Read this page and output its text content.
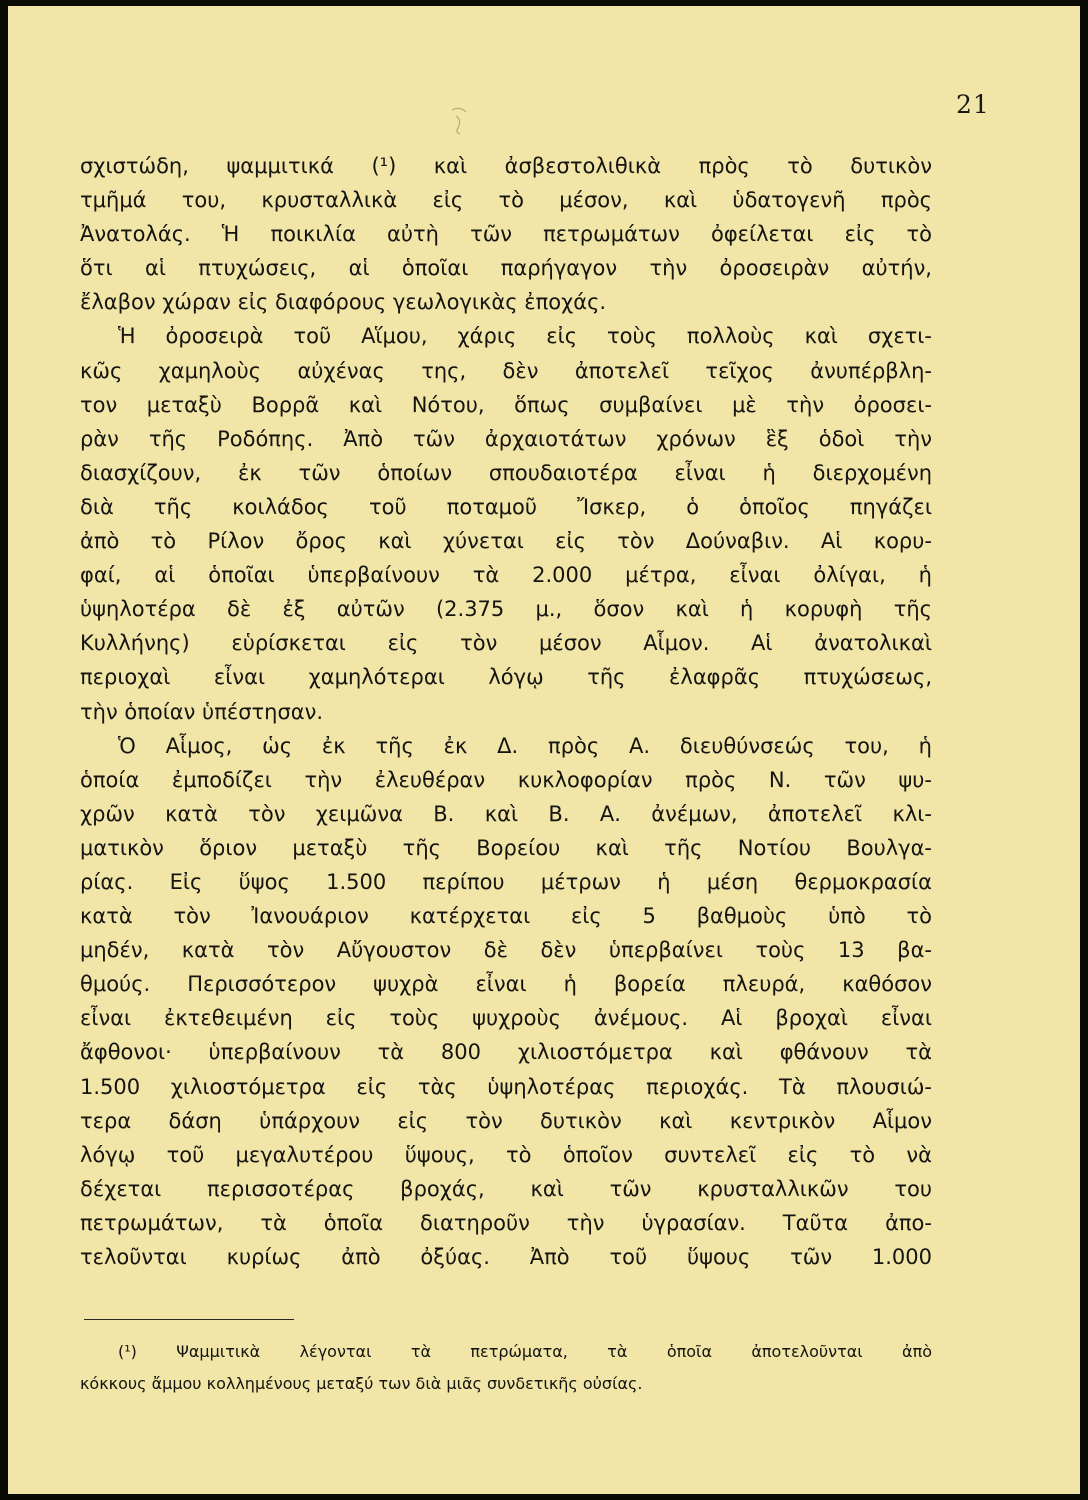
21
σχιστώδη, ψαμμιτικά (¹) καὶ ἀσβεστολιθικὰ πρὸς τὸ δυτικὸν
τμῆμά του, κρυσταλλικὰ εἰς τὸ μέσον, καὶ ὑδατογενῆ πρὸς
Ἀνατολάς. Ἡ ποικιλία αὐτὴ τῶν πετρωμάτων ὀφείλεται εἰς τὸ
ὅτι αἱ πτυχώσεις, αἱ ὁποῖαι παρήγαγον τὴν ὀροσειρὰν αὐτήν,
ἔλαβον χώραν εἰς διαφόρους γεωλογικὰς ἐποχάς.
Ἡ ὀροσειρὰ τοῦ Αἵμου, χάρις εἰς τοὺς πολλοὺς καὶ σχετι-
κῶς χαμηλοὺς αὐχένας της, δὲν ἀποτελεῖ τεῖχος ἀνυπέρβλη-
τον μεταξὺ Βορρᾶ καὶ Νότου, ὅπως συμβαίνει μὲ τὴν ὀροσει-
ρὰν τῆς Ροδόπης. Ἀπὸ τῶν ἀρχαιοτάτων χρόνων ἓξ ὁδοὶ τὴν
διασχίζουν, ἐκ τῶν ὁποίων σπουδαιοτέρα εἶναι ἡ διερχομένη
διὰ τῆς κοιλάδος τοῦ ποταμοῦ Ἴσκερ, ὁ ὁποῖος πηγάζει
ἀπὸ τὸ Ρίλον ὄρος καὶ χύνεται εἰς τὸν Δούναβιν. Αἱ κορυ-
φαί, αἱ ὁποῖαι ὑπερβαίνουν τὰ 2.000 μέτρα, εἶναι ὀλίγαι, ἡ
ὑψηλοτέρα δὲ ἐξ αὐτῶν (2.375 μ., ὅσον καὶ ἡ κορυφὴ τῆς
Κυλλήνης) εὑρίσκεται εἰς τὸν μέσον Αἷμον. Αἱ ἀνατολικαὶ
περιοχαὶ εἶναι χαμηλότεραι λόγῳ τῆς ἐλαφρᾶς πτυχώσεως,
τὴν ὁποίαν ὑπέστησαν.
Ὁ Αἷμος, ὡς ἐκ τῆς ἐκ Δ. πρὸς Α. διευθύνσεώς του, ἡ
ὁποία ἐμποδίζει τὴν ἐλευθέραν κυκλοφορίαν πρὸς Ν. τῶν ψυ-
χρῶν κατὰ τὸν χειμῶνα Β. καὶ Β. Α. ἀνέμων, ἀποτελεῖ κλι-
ματικὸν ὅριον μεταξὺ τῆς Βορείου καὶ τῆς Νοτίου Βουλγα-
ρίας. Εἰς ὕψος 1.500 περίπου μέτρων ἡ μέση θερμοκρασία
κατὰ τὸν Ἰανουάριον κατέρχεται εἰς 5 βαθμοὺς ὑπὸ τὸ
μηδέν, κατὰ τὸν Αὔγουστον δὲ δὲν ὑπερβαίνει τοὺς 13 βα-
θμούς. Περισσότερον ψυχρὰ εἶναι ἡ βορεία πλευρά, καθόσον
εἶναι ἐκτεθειμένη εἰς τοὺς ψυχροὺς ἀνέμους. Αἱ βροχαὶ εἶναι
ἄφθονοι· ὑπερβαίνουν τὰ 800 χιλιοστόμετρα καὶ φθάνουν τὰ
1.500 χιλιοστόμετρα εἰς τὰς ὑψηλοτέρας περιοχάς. Τὰ πλουσιώ-
τερα δάση ὑπάρχουν εἰς τὸν δυτικὸν καὶ κεντρικὸν Αἷμον
λόγῳ τοῦ μεγαλυτέρου ὕψους, τὸ ὁποῖον συντελεῖ εἰς τὸ νὰ
δέχεται περισσοτέρας βροχάς, καὶ τῶν κρυσταλλικῶν του
πετρωμάτων, τὰ ὁποῖα διατηροῦν τὴν ὑγρασίαν. Ταῦτα ἀπο-
τελοῦνται κυρίως ἀπὸ ὀξύας. Ἀπὸ τοῦ ὕψους τῶν 1.000
(¹) Ψαμμιτικὰ λέγονται τὰ πετρώματα, τὰ ὁποῖα ἀποτελοῦνται ἀπὸ
κόκκους ἄμμου κολλημένους μεταξύ των διὰ μιᾶς συνδετικῆς οὐσίας.
